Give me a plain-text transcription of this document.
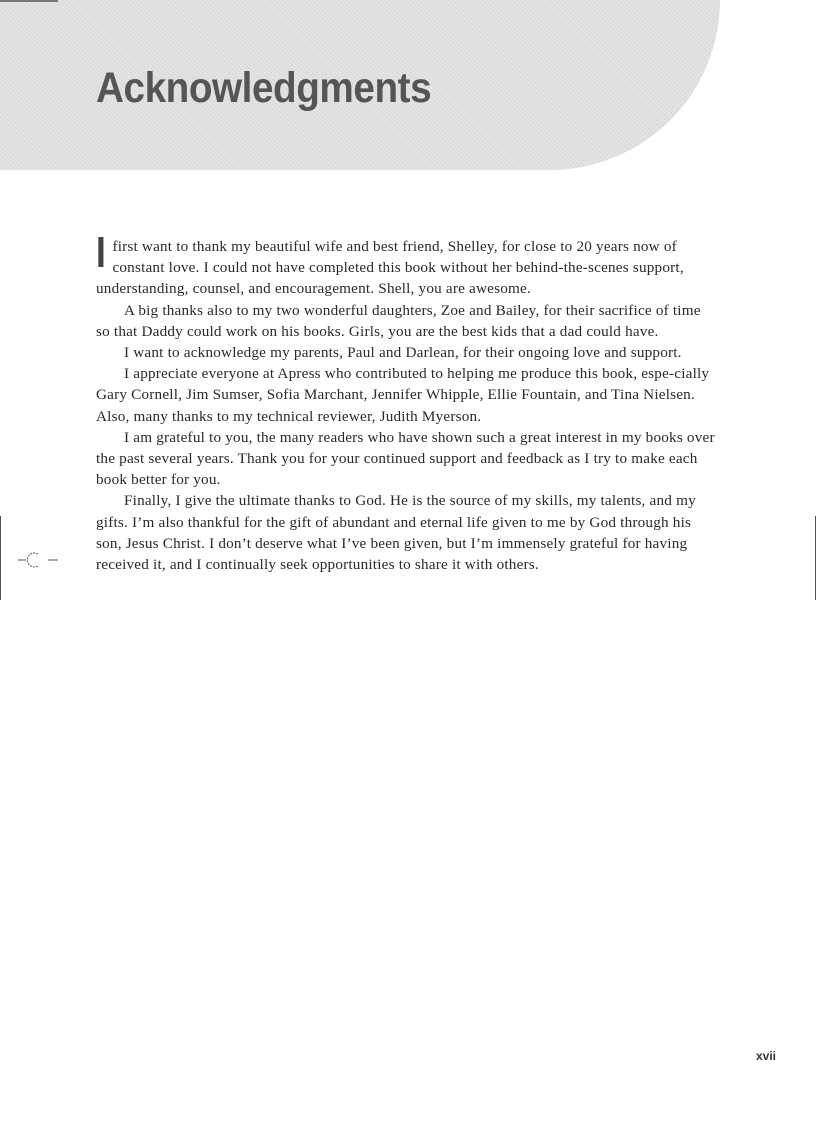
Acknowledgments

Ifirst want to thank my beautiful wife and best friend, Shelley, for close to 20 years now of constant love. I could not have completed this book without her behind-the-scenes support, understanding, counsel, and encouragement. Shell, you are awesome.

A big thanks also to my two wonderful daughters, Zoe and Bailey, for their sacrifice of time so that Daddy could work on his books. Girls, you are the best kids that a dad could have.

I want to acknowledge my parents, Paul and Darlean, for their ongoing love and support.

I appreciate everyone at Apress who contributed to helping me produce this book, espe-cially Gary Cornell, Jim Sumser, Sofia Marchant, Jennifer Whipple, Ellie Fountain, and Tina Nielsen. Also, many thanks to my technical reviewer, Judith Myerson.

I am grateful to you, the many readers who have shown such a great interest in my books over the past several years. Thank you for your continued support and feedback as I try to make each book better for you.

Finally, I give the ultimate thanks to God. He is the source of my skills, my talents, and my gifts. I’m also thankful for the gift of abundant and eternal life given to me by God through his son, Jesus Christ. I don’t deserve what I’ve been given, but I’m immensely grateful for having received it, and I continually seek opportunities to share it with others.

xvii
